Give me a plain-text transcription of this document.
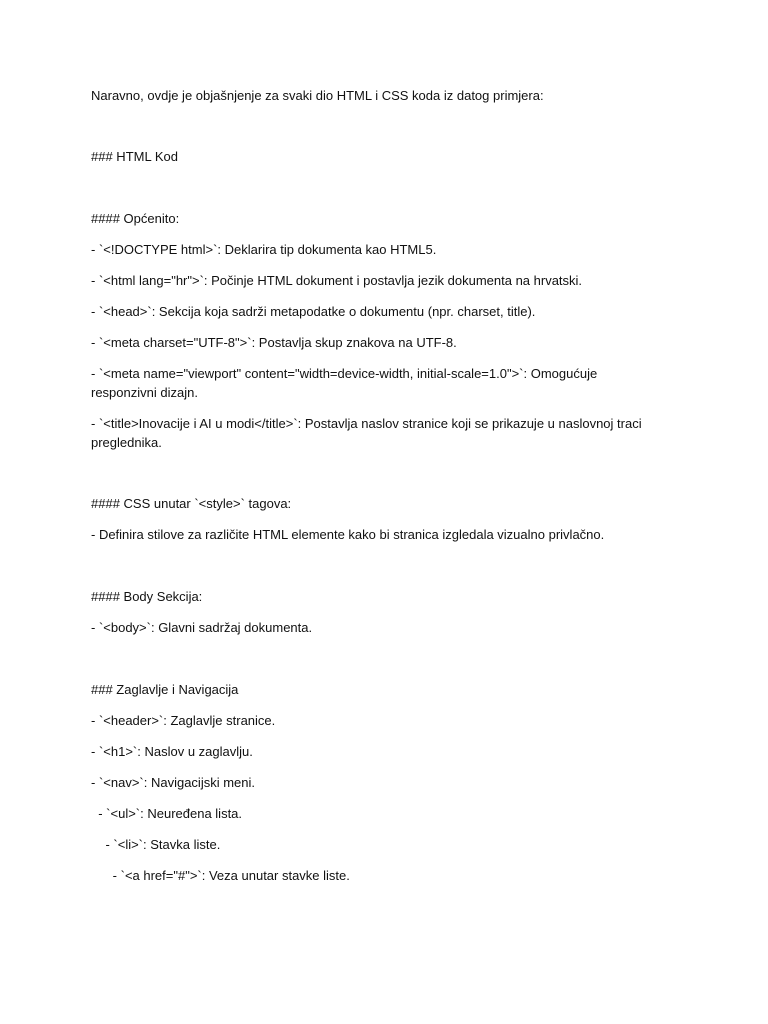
Naravno, ovdje je objašnjenje za svaki dio HTML i CSS koda iz datog primjera:

### HTML Kod

#### Općenito:

- `<!DOCTYPE html>`: Deklarira tip dokumenta kao HTML5.

- `<html lang="hr">`: Počinje HTML dokument i postavlja jezik dokumenta na hrvatski.

- `<head>`: Sekcija koja sadrži metapodatke o dokumentu (npr. charset, title).

- `<meta charset="UTF-8">`: Postavlja skup znakova na UTF-8.

- `<meta name="viewport" content="width=device-width, initial-scale=1.0">`: Omogućuje responzivni dizajn.

- `<title>Inovacije i AI u modi</title>`: Postavlja naslov stranice koji se prikazuje u naslovnoj traci preglednika.

#### CSS unutar `<style>` tagova:

- Definira stilove za različite HTML elemente kako bi stranica izgledala vizualno privlačno.

#### Body Sekcija:

- `<body>`: Glavni sadržaj dokumenta.

### Zaglavlje i Navigacija

- `<header>`: Zaglavlje stranice.

- `<h1>`: Naslov u zaglavlju.

- `<nav>`: Navigacijski meni.

- `<ul>`: Neuređena lista.

- `<li>`: Stavka liste.

- `<a href="#">`: Veza unutar stavke liste.
